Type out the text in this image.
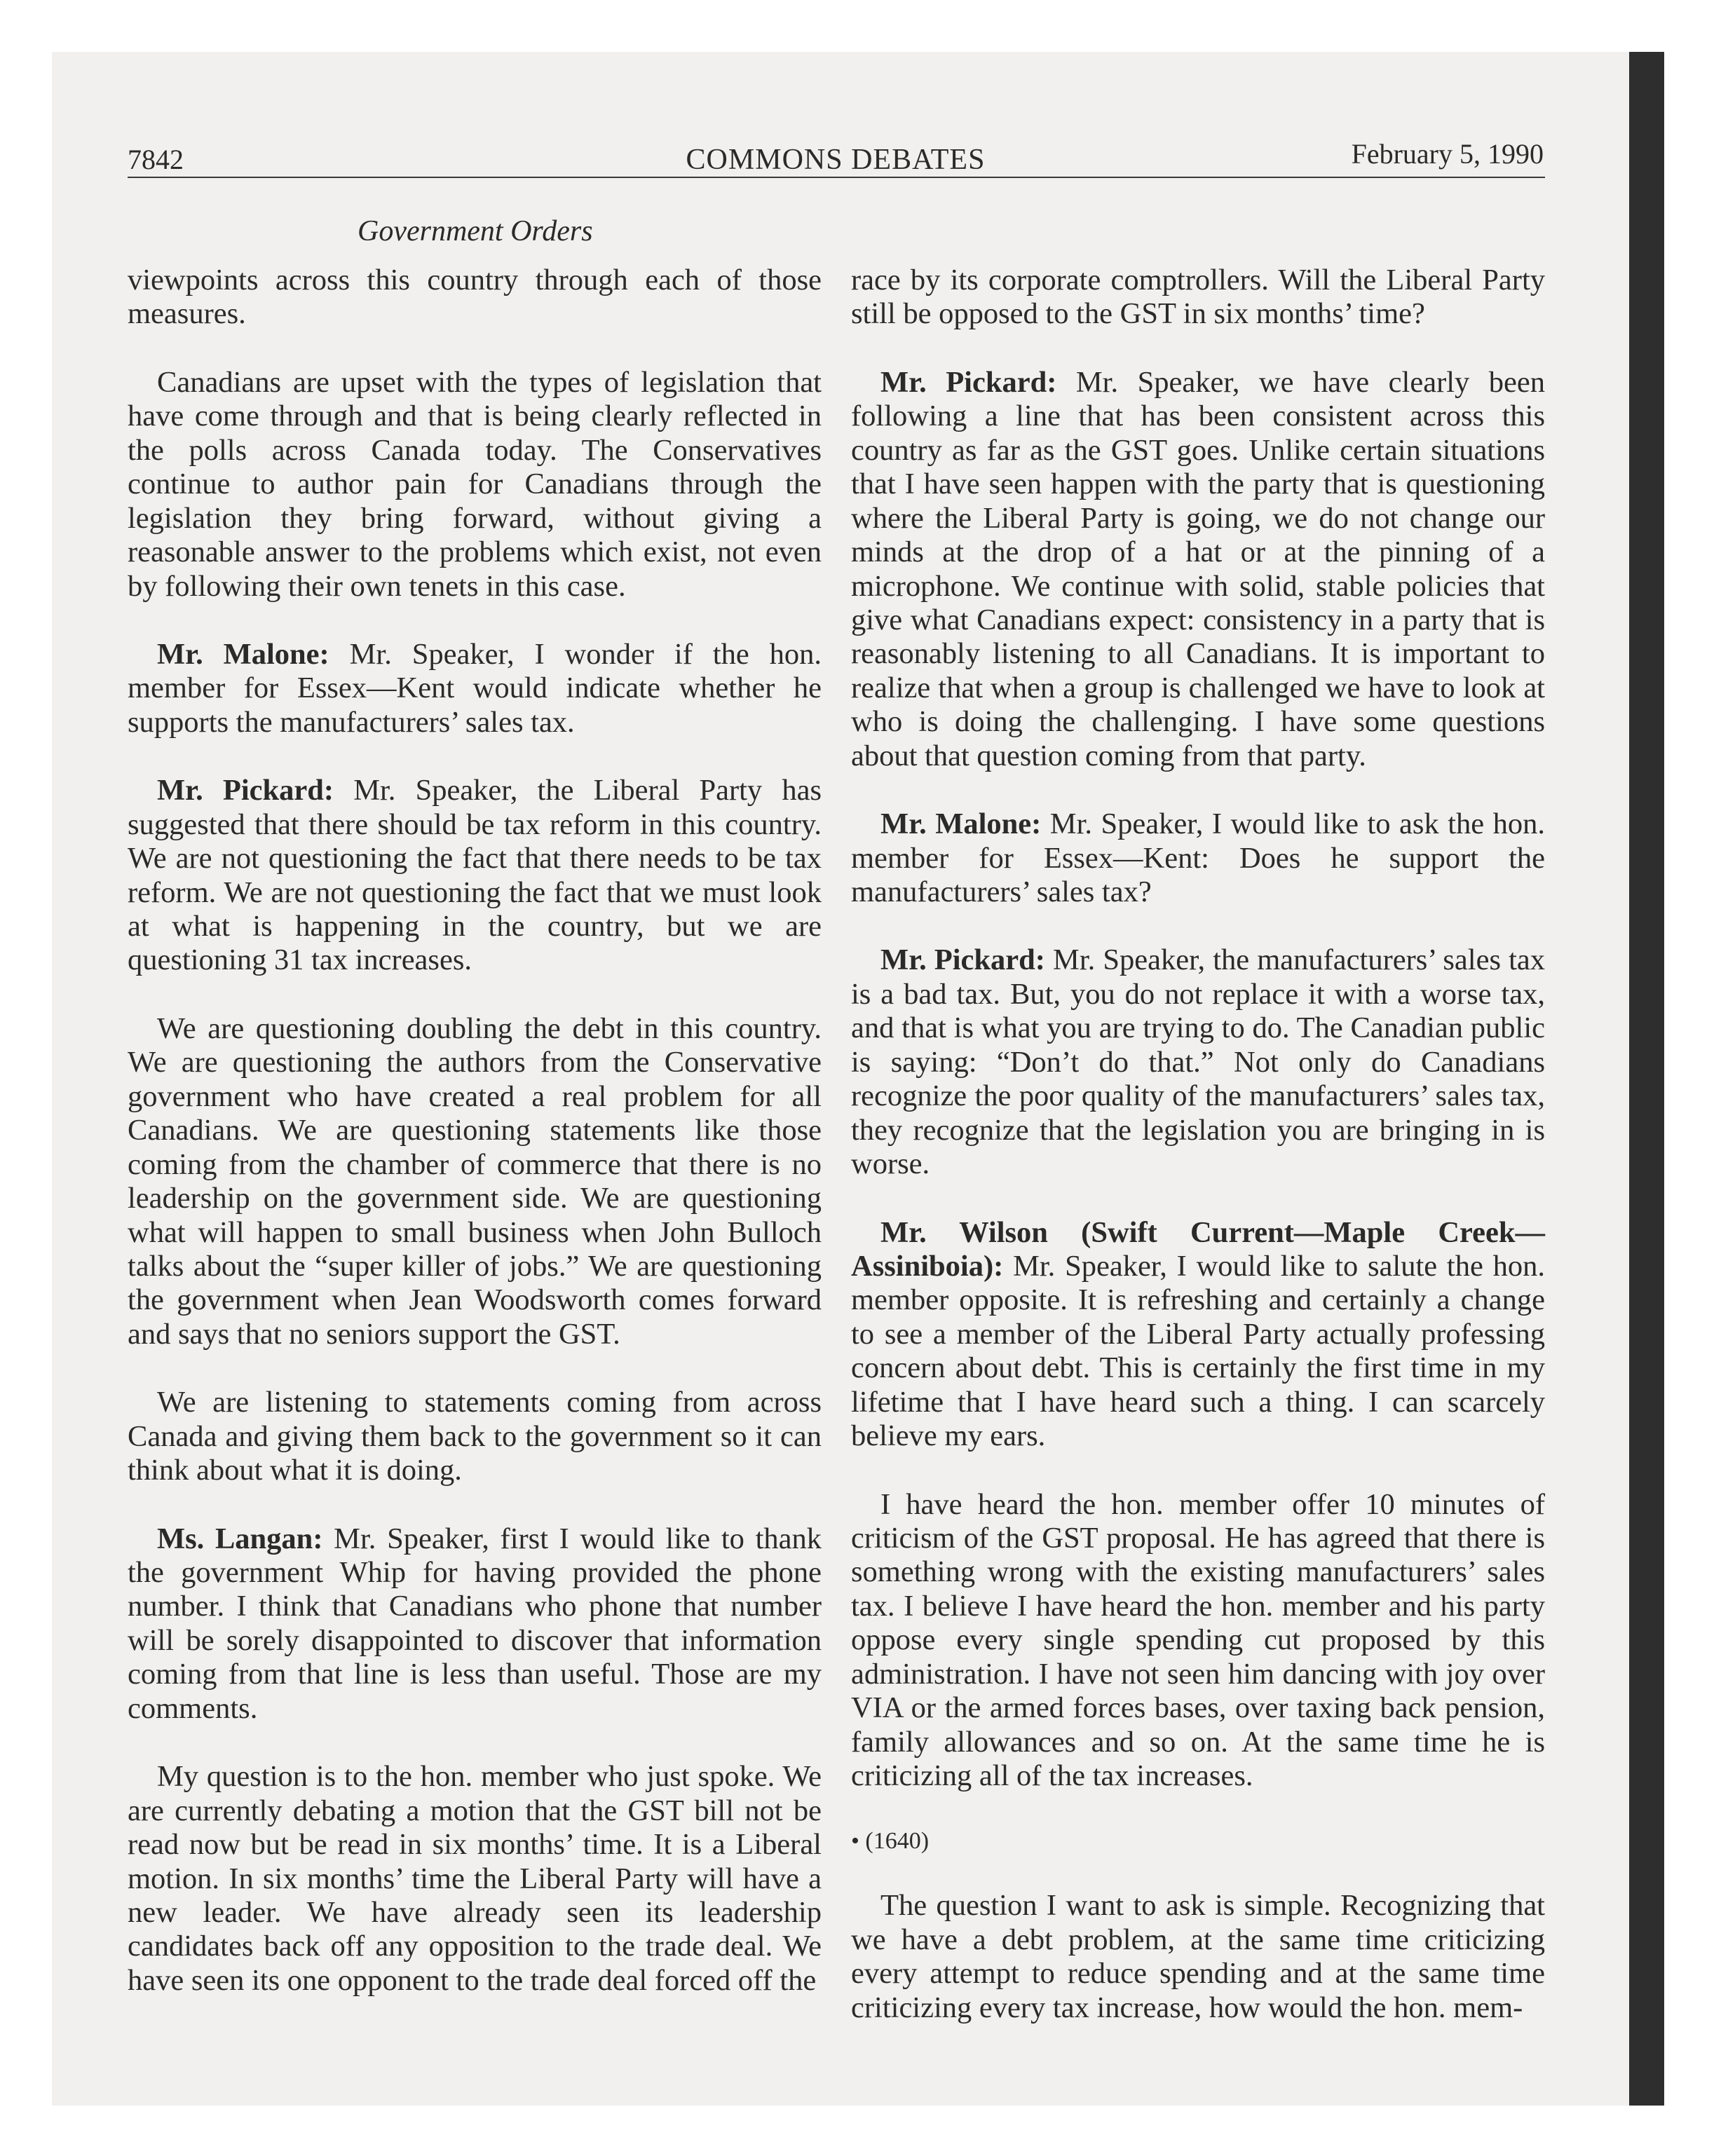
7842	COMMONS DEBATES	February 5, 1990
Government Orders

viewpoints across this country through each of those measures.

Canadians are upset with the types of legislation that have come through and that is being clearly reflected in the polls across Canada today. The Conservatives continue to author pain for Canadians through the legislation they bring forward, without giving a reasonable answer to the problems which exist, not even by following their own tenets in this case.

Mr. Malone: Mr. Speaker, I wonder if the hon. member for Essex—Kent would indicate whether he supports the manufacturers’ sales tax.

Mr. Pickard: Mr. Speaker, the Liberal Party has suggested that there should be tax reform in this country. We are not questioning the fact that there needs to be tax reform. We are not questioning the fact that we must look at what is happening in the country, but we are questioning 31 tax increases.

We are questioning doubling the debt in this country. We are questioning the authors from the Conservative government who have created a real problem for all Canadians. We are questioning statements like those coming from the chamber of commerce that there is no leadership on the government side. We are questioning what will happen to small business when John Bulloch talks about the “super killer of jobs.” We are questioning the government when Jean Woodsworth comes forward and says that no seniors support the GST.

We are listening to statements coming from across Canada and giving them back to the government so it can think about what it is doing.

Ms. Langan: Mr. Speaker, first I would like to thank the government Whip for having provided the phone number. I think that Canadians who phone that number will be sorely disappointed to discover that information coming from that line is less than useful. Those are my comments.

My question is to the hon. member who just spoke. We are currently debating a motion that the GST bill not be read now but be read in six months’ time. It is a Liberal motion. In six months’ time the Liberal Party will have a new leader. We have already seen its leadership candidates back off any opposition to the trade deal. We have seen its one opponent to the trade deal forced off the

race by its corporate comptrollers. Will the Liberal Party still be opposed to the GST in six months’ time?

Mr. Pickard: Mr. Speaker, we have clearly been following a line that has been consistent across this country as far as the GST goes. Unlike certain situations that I have seen happen with the party that is questioning where the Liberal Party is going, we do not change our minds at the drop of a hat or at the pinning of a microphone. We continue with solid, stable policies that give what Canadians expect: consistency in a party that is reasonably listening to all Canadians. It is important to realize that when a group is challenged we have to look at who is doing the challenging. I have some questions about that question coming from that party.

Mr. Malone: Mr. Speaker, I would like to ask the hon. member for Essex—Kent: Does he support the manufacturers’ sales tax?

Mr. Pickard: Mr. Speaker, the manufacturers’ sales tax is a bad tax. But, you do not replace it with a worse tax, and that is what you are trying to do. The Canadian public is saying: “Don’t do that.” Not only do Canadians recognize the poor quality of the manufacturers’ sales tax, they recognize that the legislation you are bringing in is worse.

Mr. Wilson (Swift Current—Maple Creek—Assiniboia): Mr. Speaker, I would like to salute the hon. member opposite. It is refreshing and certainly a change to see a member of the Liberal Party actually professing concern about debt. This is certainly the first time in my lifetime that I have heard such a thing. I can scarcely believe my ears.

I have heard the hon. member offer 10 minutes of criticism of the GST proposal. He has agreed that there is something wrong with the existing manufacturers’ sales tax. I believe I have heard the hon. member and his party oppose every single spending cut proposed by this administration. I have not seen him dancing with joy over VIA or the armed forces bases, over taxing back pension, family allowances and so on. At the same time he is criticizing all of the tax increases.

• (1640)

The question I want to ask is simple. Recognizing that we have a debt problem, at the same time criticizing every attempt to reduce spending and at the same time criticizing every tax increase, how would the hon. mem-
